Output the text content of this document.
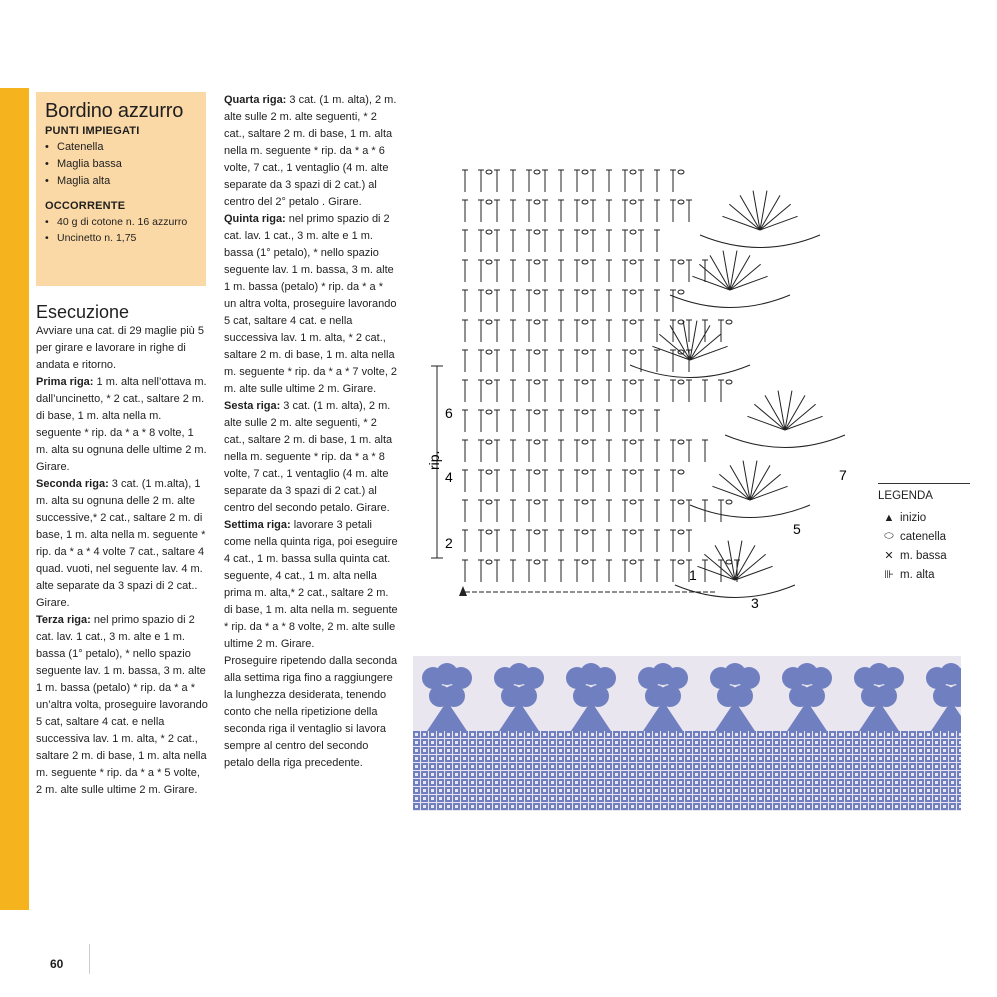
Bordino azzurro
PUNTI IMPIEGATI
• Catenella
• Maglia bassa
• Maglia alta
OCCORRENTE
• 40 g di cotone n. 16 azzurro
• Uncinetto n. 1,75
Esecuzione

Avviare una cat. di 29 maglie più 5 per girare e lavorare in righe di andata e ritorno.

Prima riga: 1 m. alta nell’ottava m. dall’uncinetto, * 2 cat., saltare 2 m. di base, 1 m. alta nella m. seguente * rip. da * a * 8 volte, 1 m. alta su ognuna delle ultime 2 m. Girare.

Seconda riga: 3 cat. (1 m.alta), 1 m. alta su ognuna delle 2 m. alte successive,* 2 cat., saltare 2 m. di base, 1 m. alta nella m. seguente * rip. da * a * 4 volte 7 cat., saltare 4 quad. vuoti, nel seguente lav. 4 m. alte separate da 3 spazi di 2 cat.. Girare.

Terza riga: nel primo spazio di 2 cat. lav. 1 cat., 3 m. alte e 1 m. bassa (1° petalo), * nello spazio seguente lav. 1 m. bassa, 3 m. alte 1 m. bassa (petalo) * rip. da * a * un’altra volta, proseguire lavorando 5 cat, saltare 4 cat. e nella successiva lav. 1 m. alta, * 2 cat., saltare 2 m. di base, 1 m. alta nella m. seguente * rip. da * a * 5 volte, 2 m. alte sulle ultime 2 m. Girare.

Quarta riga: 3 cat. (1 m. alta), 2 m. alte sulle 2 m. alte seguenti, * 2 cat., saltare 2 m. di base, 1 m. alta nella m. seguente * rip. da * a * 6 volte, 7 cat., 1 ventaglio (4 m. alte separate da 3 spazi di 2 cat.) al centro del 2° petalo . Girare.

Quinta riga: nel primo spazio di 2 cat. lav. 1 cat., 3 m. alte e 1 m. bassa (1° petalo), * nello spazio seguente lav. 1 m. bassa, 3 m. alte 1 m. bassa (petalo) * rip. da * a * un altra volta, proseguire lavorando 5 cat, saltare 4 cat. e nella successiva lav. 1 m. alta, * 2 cat., saltare 2 m. di base, 1 m. alta nella m. seguente * rip. da * a * 7 volte, 2 m. alte sulle ultime 2 m. Girare.

Sesta riga: 3 cat. (1 m. alta), 2 m. alte sulle 2 m. alte seguenti, * 2 cat., saltare 2 m. di base, 1 m. alta nella m. seguente * rip. da * a * 8 volte, 7 cat., 1 ventaglio (4 m. alte separate da 3 spazi di 2 cat.) al centro del secondo petalo. Girare.

Settima riga: lavorare 3 petali come nella quinta riga, poi eseguire 4 cat., 1 m. bassa sulla quinta cat. seguente, 4 cat., 1 m. alta nella prima m. alta,* 2 cat., saltare 2 m. di base, 1 m. alta nella m. seguente * rip. da * a * 8 volte, 2 m. alte sulle ultime 2 m. Girare.

Proseguire ripetendo dalla seconda alla settima riga fino a raggiungere la lunghezza desiderata, tenendo conto che nella ripetizione della seconda riga il ventaglio si lavora sempre al centro del secondo petalo della riga precedente.

rip.
6
4
2
1
3
5
7
LEGENDA
▲ inizio
⬭ catenella
✕ m. bassa
⊪ m. alta
60
